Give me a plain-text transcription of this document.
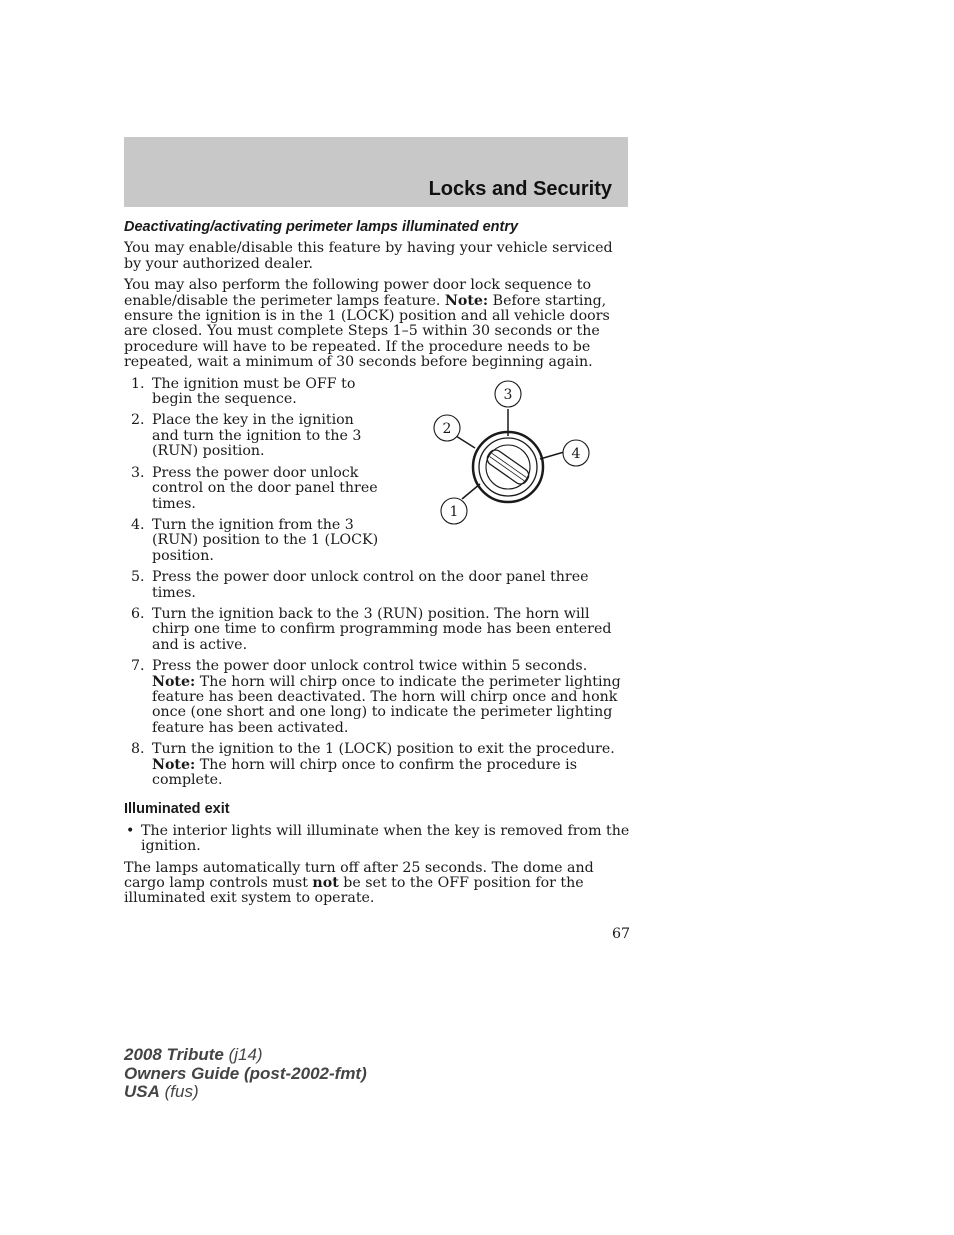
Locks and Security
Deactivating/activating perimeter lamps illuminated entry

You may enable/disable this feature by having your vehicle serviced by your authorized dealer.

You may also perform the following power door lock sequence to enable/disable the perimeter lamps feature. Note: Before starting, ensure the ignition is in the 1 (LOCK) position and all vehicle doors are closed. You must complete Steps 1–5 within 30 seconds or the procedure will have to be repeated. If the procedure needs to be repeated, wait a minimum of 30 seconds before beginning again.

1. The ignition must be OFF to begin the sequence.
2. Place the key in the ignition and turn the ignition to the 3 (RUN) position.
3. Press the power door unlock control on the door panel three times.
4. Turn the ignition from the 3 (RUN) position to the 1 (LOCK) position.
5. Press the power door unlock control on the door panel three times.
6. Turn the ignition back to the 3 (RUN) position. The horn will chirp one time to confirm programming mode has been entered and is active.
7. Press the power door unlock control twice within 5 seconds. Note: The horn will chirp once to indicate the perimeter lighting feature has been deactivated. The horn will chirp once and honk once (one short and one long) to indicate the perimeter lighting feature has been activated.
8. Turn the ignition to the 1 (LOCK) position to exit the procedure. Note: The horn will chirp once to confirm the procedure is complete.
Illuminated exit
• The interior lights will illuminate when the key is removed from the ignition.

The lamps automatically turn off after 25 seconds. The dome and cargo lamp controls must not be set to the OFF position for the illuminated exit system to operate.

3
2
4
1
67
2008 Tribute (j14)
Owners Guide (post-2002-fmt)
USA (fus)
